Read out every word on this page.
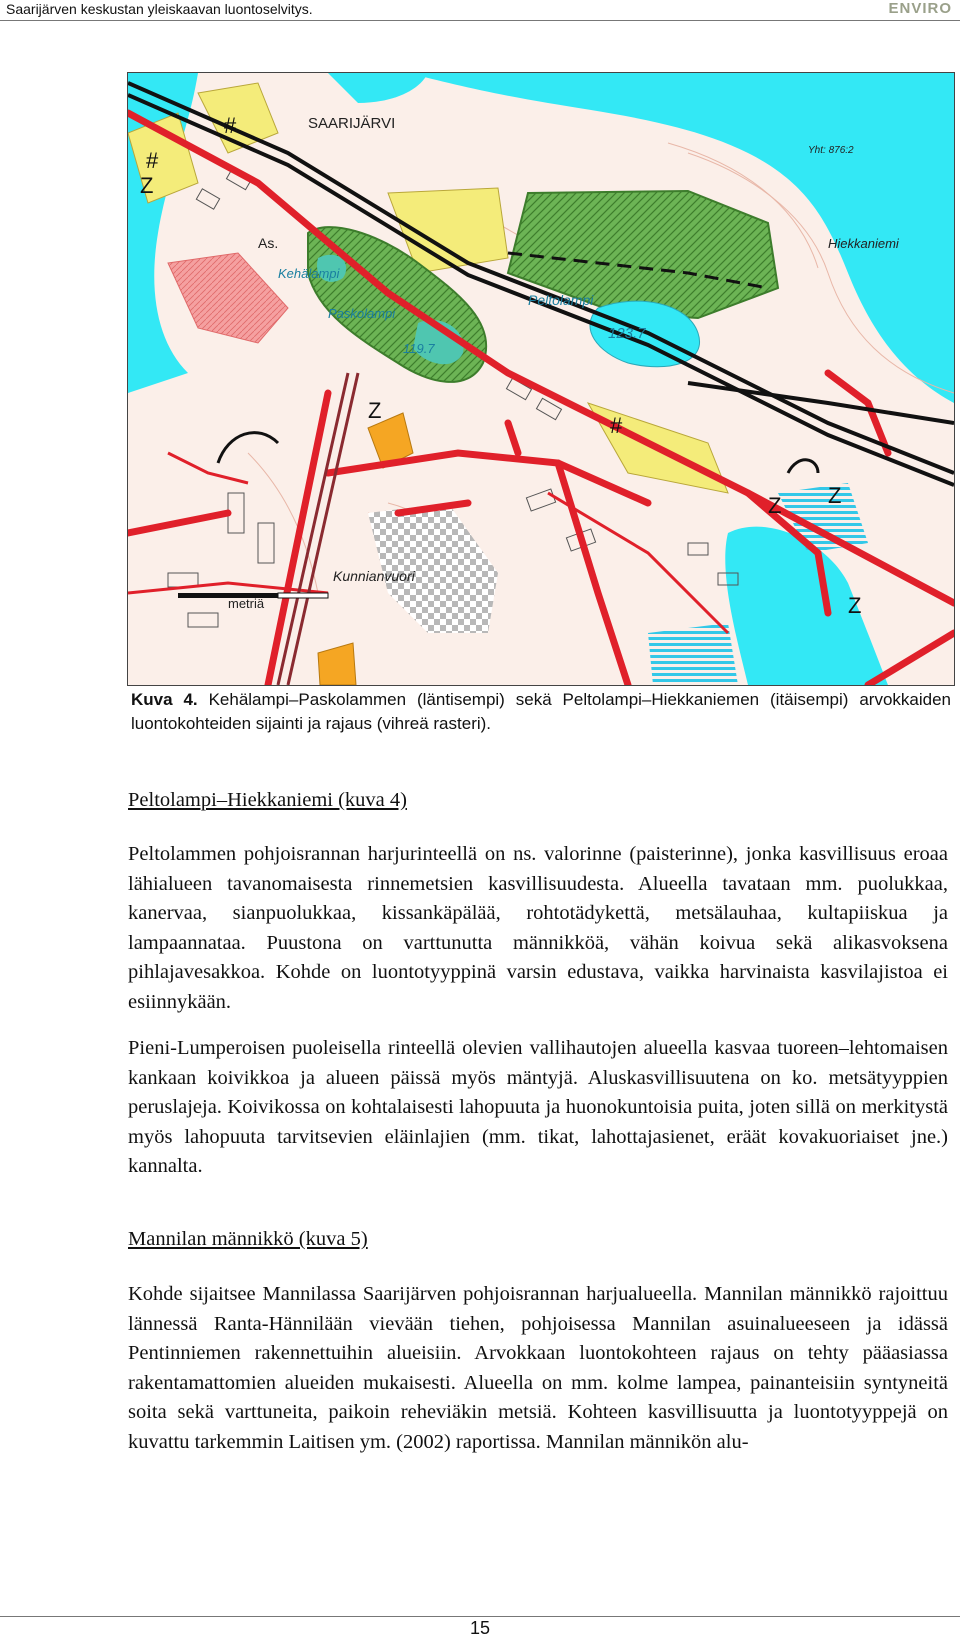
Saarijärven keskustan yleiskaavan luontoselvitys.	ENVIRO
#
#
#
Z
Z Z
Z
Z
SAARIJÄRVI
Yht: 876:2
As.
Kehälampi
Paskolampi
119.7
Peltolampi
123.7
Hiekkaniemi
Kunnianvuori
metriä
Kuva 4. Kehälampi–Paskolammen (läntisempi) sekä Peltolampi–Hiekkaniemen (itäisempi) arvokkaiden luontokohteiden sijainti ja rajaus (vihreä rasteri).
Peltolampi–Hiekkaniemi (kuva 4)
Peltolammen pohjoisrannan harjurinteellä on ns. valorinne (paisterinne), jonka kasvillisuus eroaa lähialueen tavanomaisesta rinnemetsien kasvillisuudesta. Alueella tavataan mm. puolukkaa, kanervaa, sianpuolukkaa, kissankäpälää, rohtotädykettä, metsälauhaa, kultapiiskua ja lampaannataa. Puustona on varttunutta männikköä, vähän koivua sekä alikasvoksena pihlajavesakkoa. Kohde on luontotyyppinä varsin edustava, vaikka harvinaista kasvilajistoa ei esiinnykään.
Pieni-Lumperoisen puoleisella rinteellä olevien vallihautojen alueella kasvaa tuoreen–lehtomaisen kankaan koivikkoa ja alueen päissä myös mäntyjä. Aluskasvillisuutena on ko. metsätyyppien peruslajeja. Koivikossa on kohtalaisesti lahopuuta ja huonokuntoisia puita, joten sillä on merkitystä myös lahopuuta tarvitsevien eläinlajien (mm. tikat, lahottajasienet, eräät kovakuoriaiset jne.) kannalta.
Mannilan männikkö (kuva 5)
Kohde sijaitsee Mannilassa Saarijärven pohjoisrannan harjualueella. Mannilan männikkö rajoittuu lännessä Ranta-Hännilään vievään tiehen, pohjoisessa Mannilan asuinalueeseen ja idässä Pentinniemen rakennettuihin alueisiin. Arvokkaan luontokohteen rajaus on tehty pääasiassa rakentamattomien alueiden mukaisesti. Alueella on mm. kolme lampea, painanteisiin syntyneitä soita sekä varttuneita, paikoin reheviäkin metsiä. Kohteen kasvillisuutta ja luontotyyppejä on kuvattu tarkemmin Laitisen ym. (2002) raportissa. Mannilan männikön alu-
15
